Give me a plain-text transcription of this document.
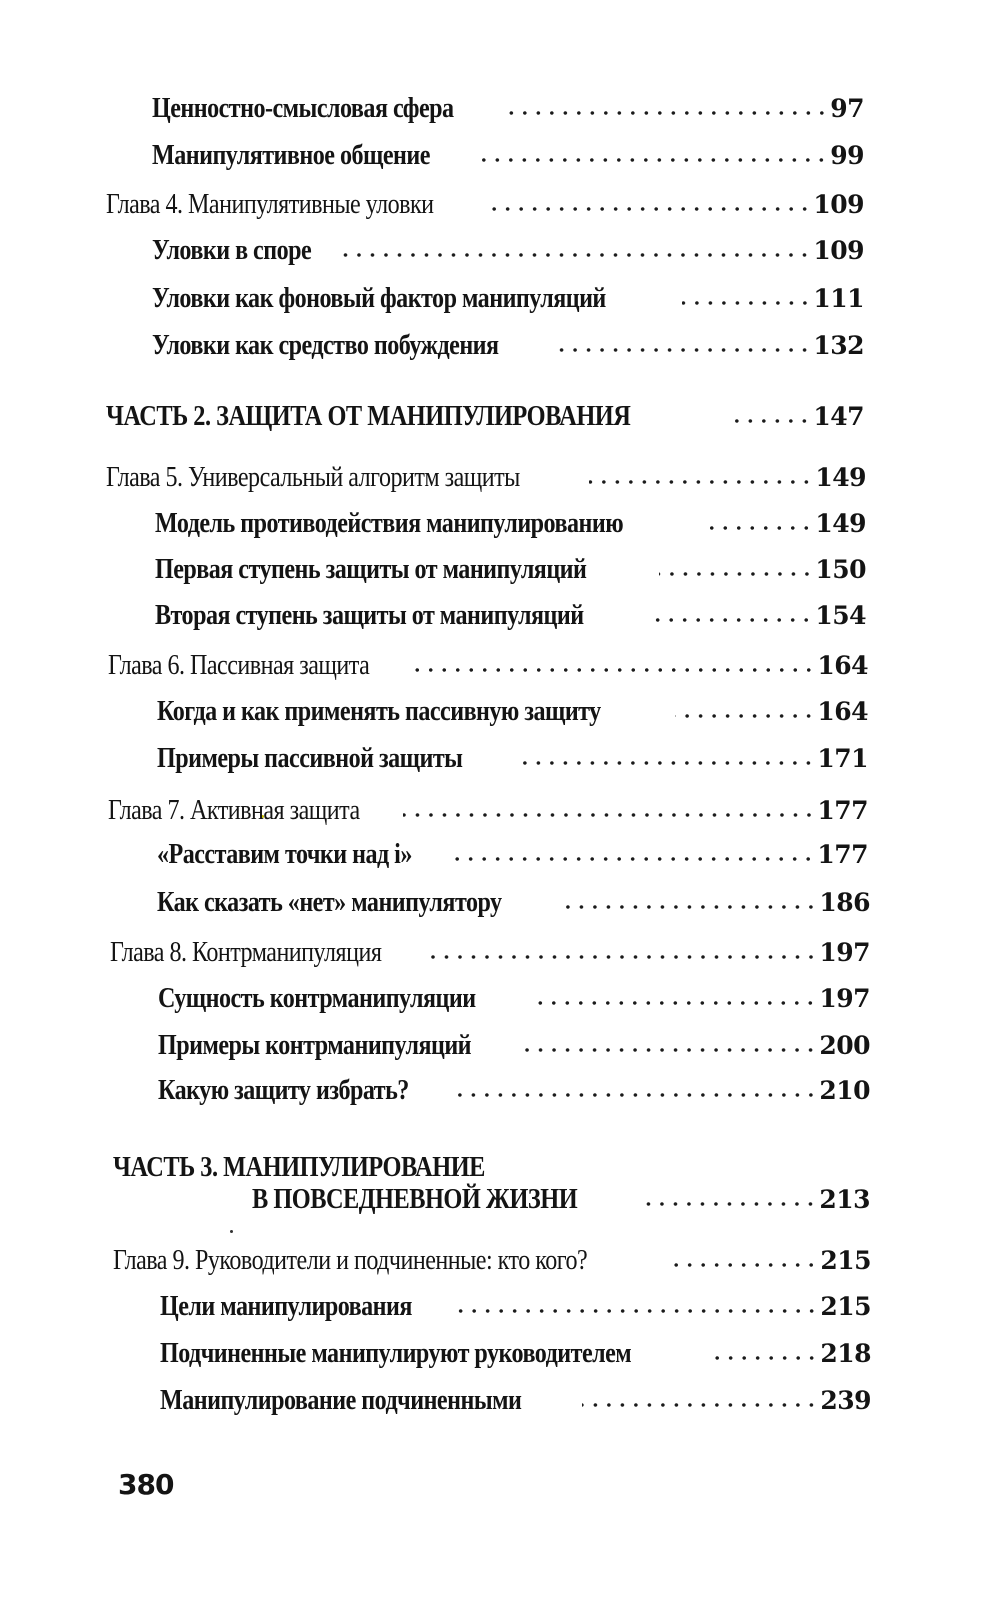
Ценностно-смысловая сфера	97
Манипулятивное общение	99
Глава 4. Манипулятивные уловки	109
Уловки в споре	109
Уловки как фоновый фактор манипуляций	111
Уловки как средство побуждения	132
ЧАСТЬ 2. ЗАЩИТА ОТ МАНИПУЛИРОВАНИЯ	147
Глава 5. Универсальный алгоритм защиты	149
Модель противодействия манипулированию	149
Первая ступень защиты от манипуляций	150
Вторая ступень защиты от манипуляций	154
Глава 6. Пассивная защита	164
Когда и как применять пассивную защиту	164
Примеры пассивной защиты	171
Глава 7. Активная защита	177
«Расставим точки над i»	177
Как сказать «нет» манипулятору	186
Глава 8. Контрманипуляция	197
Сущность контрманипуляции	197
Примеры контрманипуляций	200
Какую защиту избрать?	210
ЧАСТЬ 3. МАНИПУЛИРОВАНИЕ
В ПОВСЕДНЕВНОЙ ЖИЗНИ	213
Глава 9. Руководители и подчиненные: кто кого?	215
Цели манипулирования	215
Подчиненные манипулируют руководителем	218
Манипулирование подчиненными	239
380
